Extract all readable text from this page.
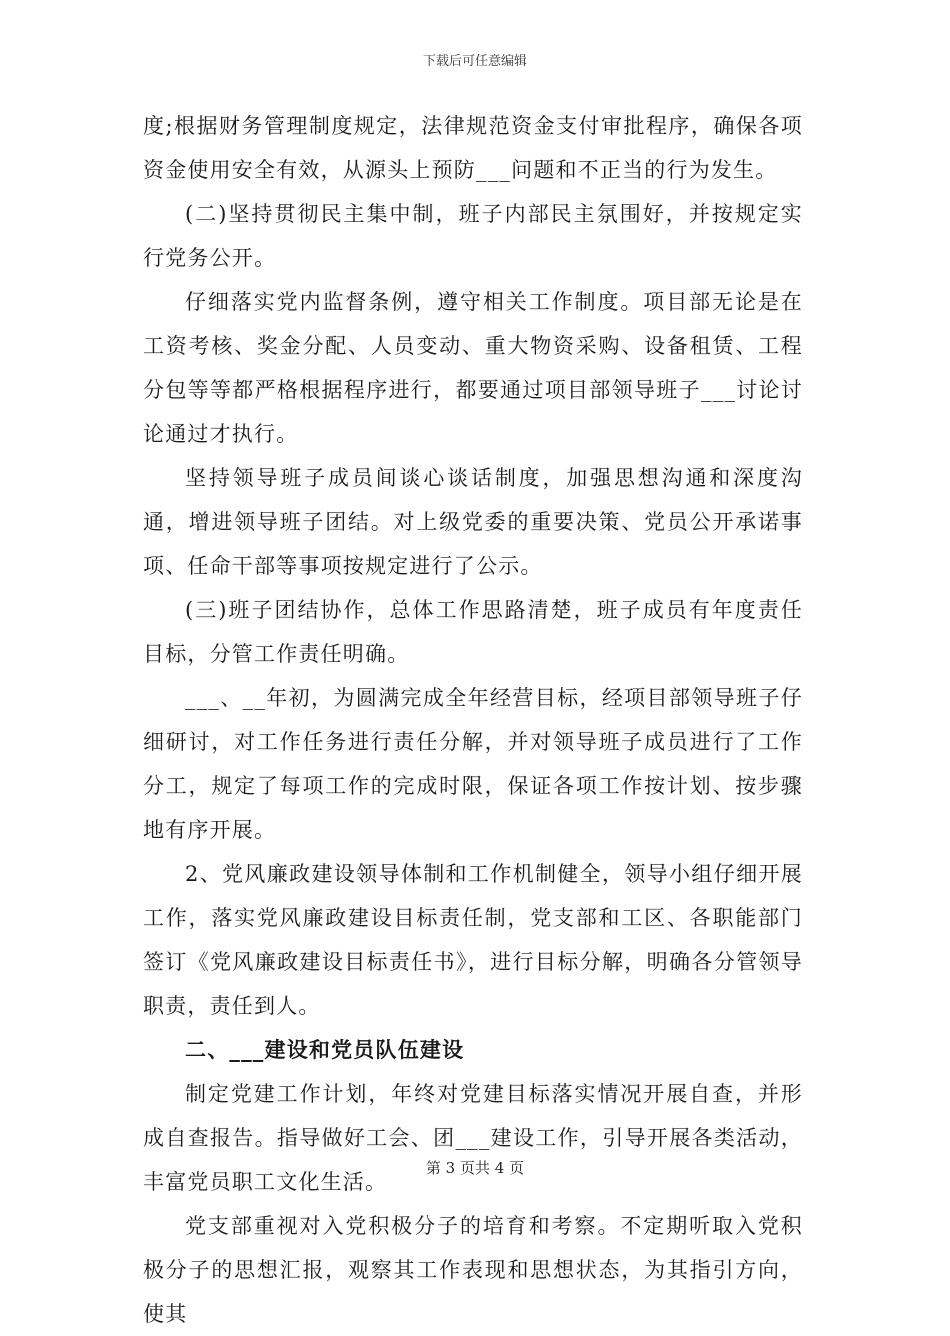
下载后可任意编辑

度;根据财务管理制度规定，法律规范资金支付审批程序，确保各项资金使用安全有效，从源头上预防___问题和不正当的行为发生。

(二)坚持贯彻民主集中制，班子内部民主氛围好，并按规定实行党务公开。

仔细落实党内监督条例，遵守相关工作制度。项目部无论是在工资考核、奖金分配、人员变动、重大物资采购、设备租赁、工程分包等等都严格根据程序进行，都要通过项目部领导班子___讨论讨论通过才执行。

坚持领导班子成员间谈心谈话制度，加强思想沟通和深度沟通，增进领导班子团结。对上级党委的重要决策、党员公开承诺事项、任命干部等事项按规定进行了公示。

(三)班子团结协作，总体工作思路清楚，班子成员有年度责任目标，分管工作责任明确。

___、__年初，为圆满完成全年经营目标，经项目部领导班子仔细研讨，对工作任务进行责任分解，并对领导班子成员进行了工作分工，规定了每项工作的完成时限，保证各项工作按计划、按步骤地有序开展。

2、党风廉政建设领导体制和工作机制健全，领导小组仔细开展工作，落实党风廉政建设目标责任制，党支部和工区、各职能部门签订《党风廉政建设目标责任书》，进行目标分解，明确各分管领导职责，责任到人。

二、___建设和党员队伍建设

制定党建工作计划，年终对党建目标落实情况开展自查，并形成自查报告。指导做好工会、团___建设工作，引导开展各类活动，丰富党员职工文化生活。

党支部重视对入党积极分子的培育和考察。不定期听取入党积极分子的思想汇报，观察其工作表现和思想状态，为其指引方向，使其

第 3 页共 4 页
